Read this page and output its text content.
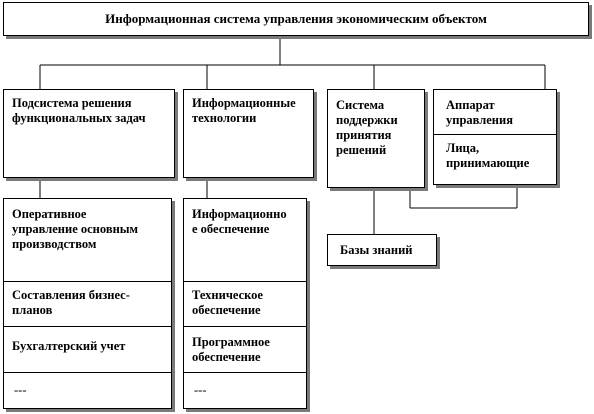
Информационная система управления экономическим объектом
Подсистема решения функциональных задач
Информационные технологии
Система поддержки принятия решений
Аппарат управления
Лица, принимающие
Базы знаний
Оперативное управление основным производством
Составления бизнес-планов
Бухгалтерский учет
---
Информационное обеспечение
Техническое обеспечение
Программное обеспечение
---
